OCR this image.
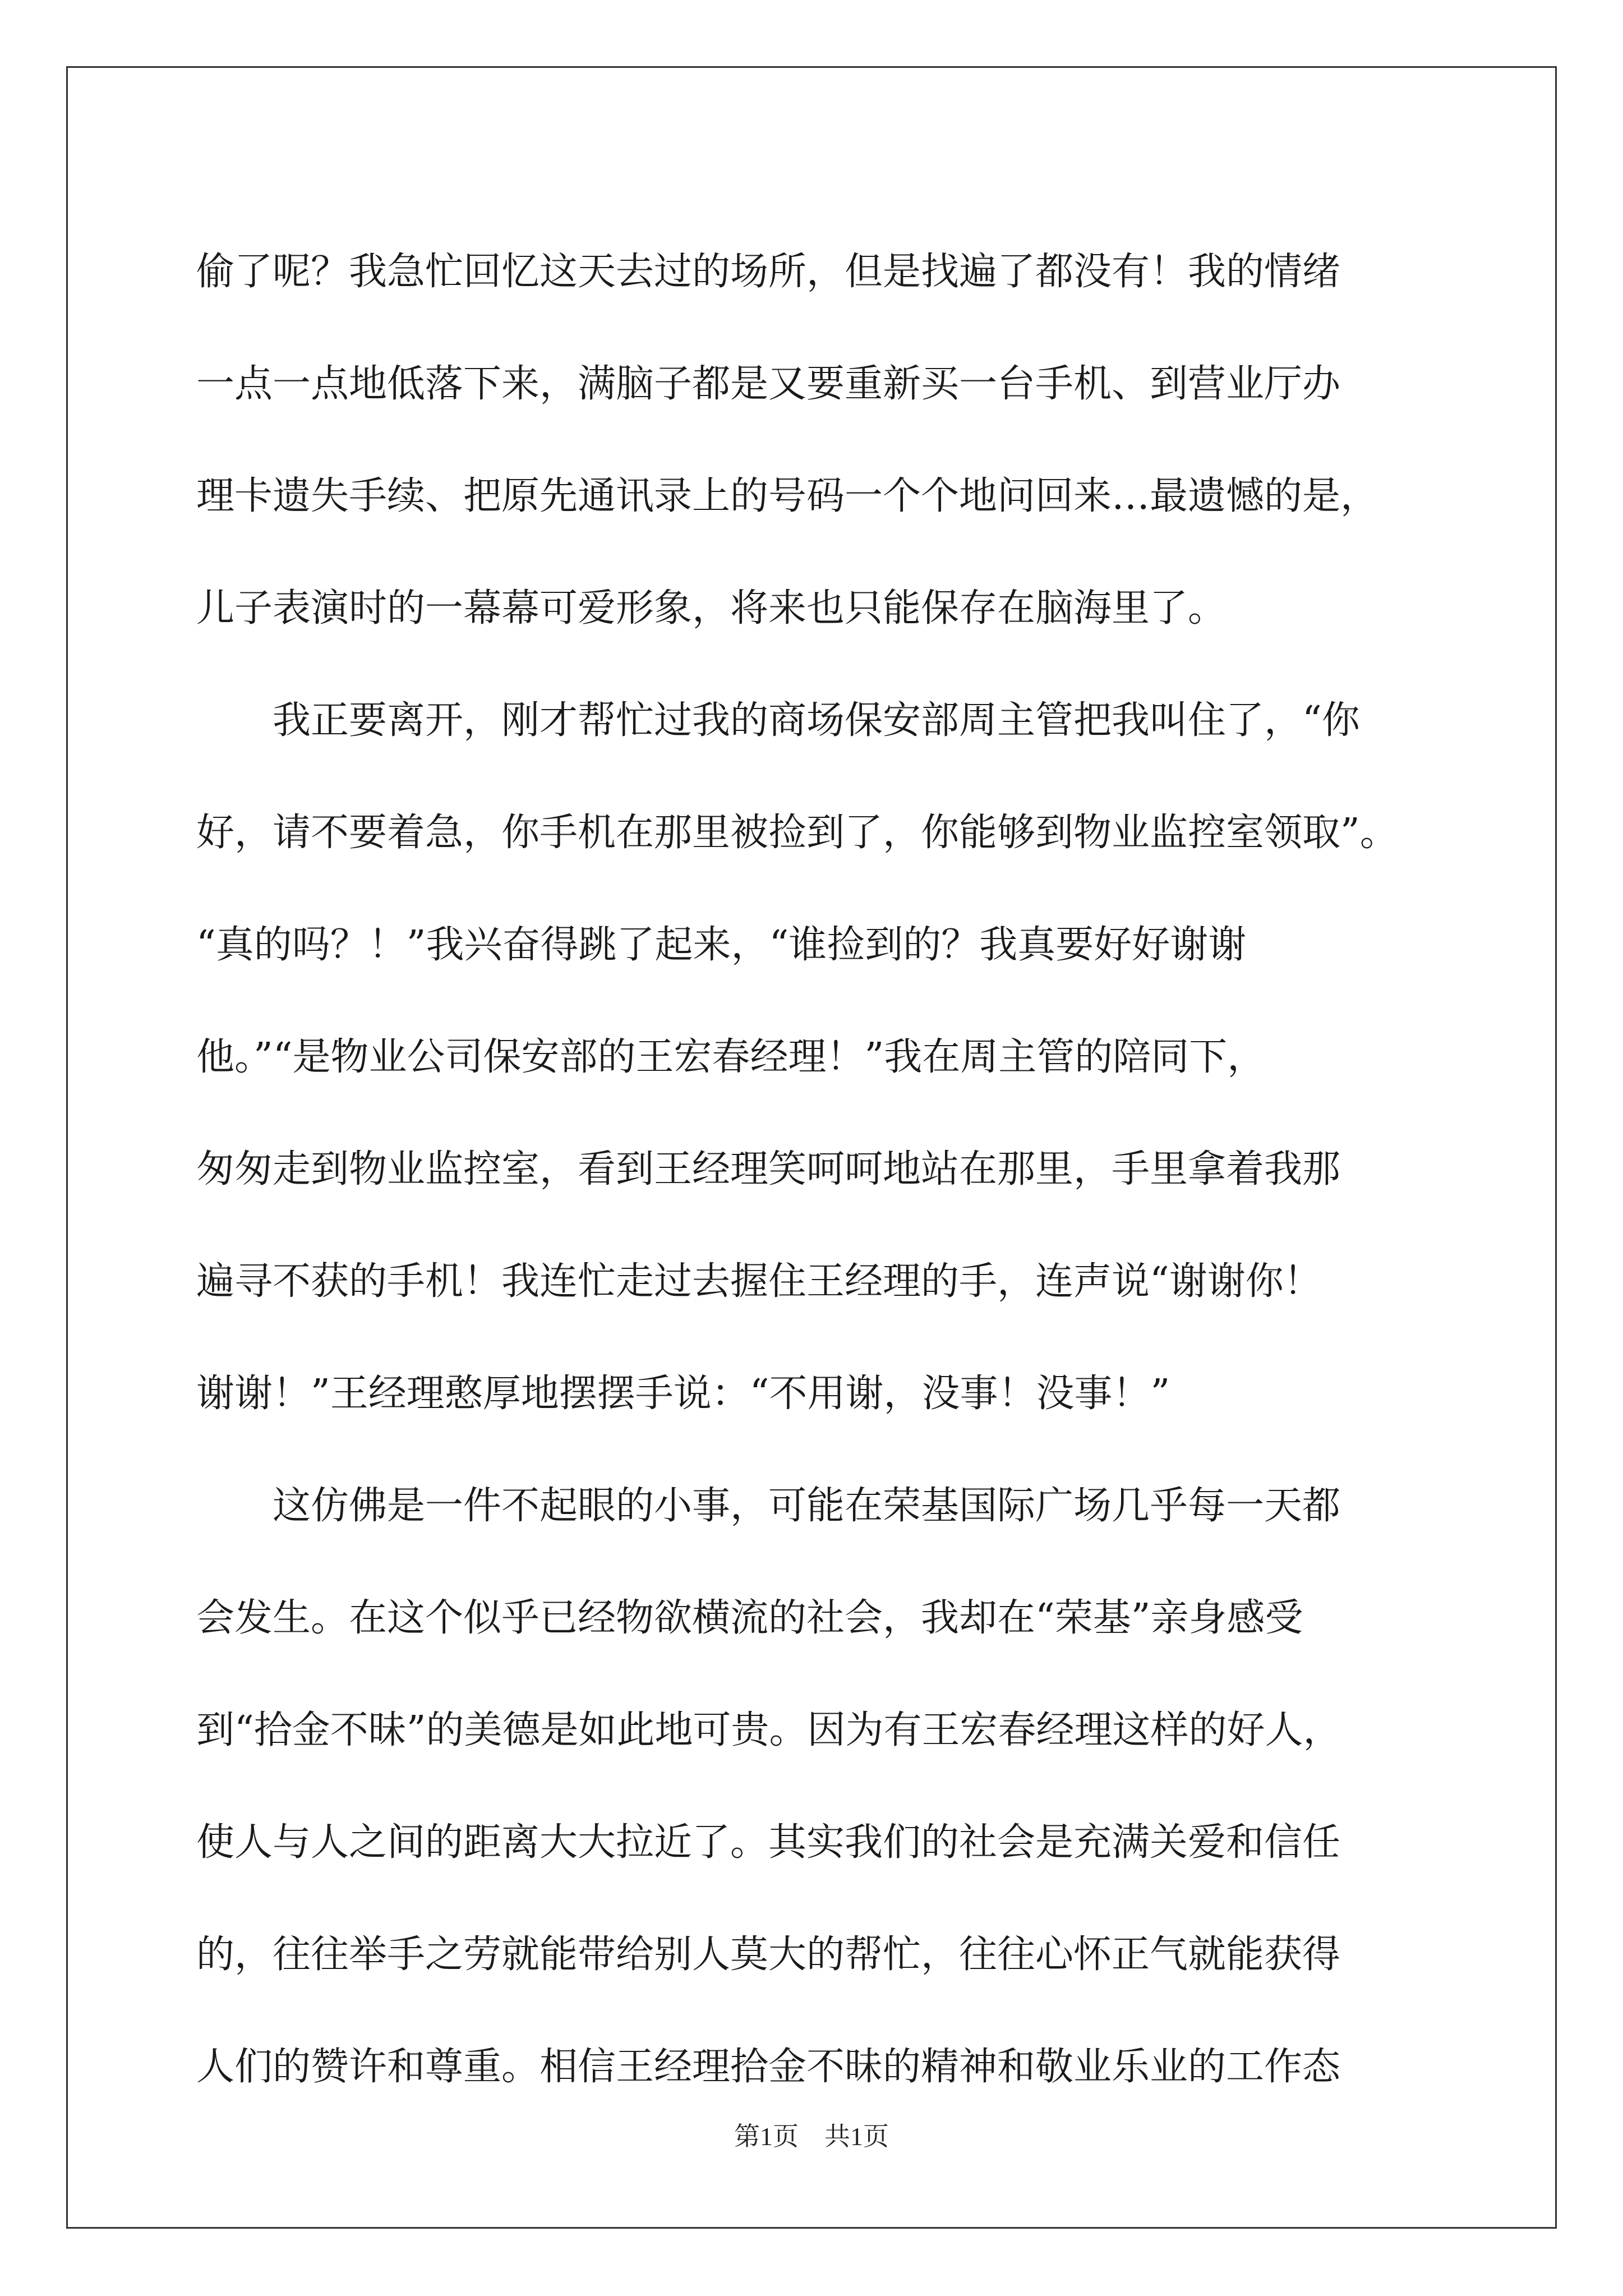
偷了呢？我急忙回忆这天去过的场所，但是找遍了都没有！我的情绪
一点一点地低落下来，满脑子都是又要重新买一台手机、到营业厅办
理卡遗失手续、把原先通讯录上的号码一个个地问回来…最遗憾的是，
儿子表演时的一幕幕可爱形象，将来也只能保存在脑海里了。
　　我正要离开，刚才帮忙过我的商场保安部周主管把我叫住了，“你
好，请不要着急，你手机在那里被捡到了，你能够到物业监控室领取”。
“真的吗？！”我兴奋得跳了起来，“谁捡到的？我真要好好谢谢
他。”“是物业公司保安部的王宏春经理！”我在周主管的陪同下，
匆匆走到物业监控室，看到王经理笑呵呵地站在那里，手里拿着我那
遍寻不获的手机！我连忙走过去握住王经理的手，连声说“谢谢你！
谢谢！”王经理憨厚地摆摆手说：“不用谢，没事！没事！”
　　这仿佛是一件不起眼的小事，可能在荣基国际广场几乎每一天都
会发生。在这个似乎已经物欲横流的社会，我却在“荣基”亲身感受
到“拾金不昧”的美德是如此地可贵。因为有王宏春经理这样的好人，
使人与人之间的距离大大拉近了。其实我们的社会是充满关爱和信任
的，往往举手之劳就能带给别人莫大的帮忙，往往心怀正气就能获得
人们的赞许和尊重。相信王经理拾金不昧的精神和敬业乐业的工作态
第1页　共1页
